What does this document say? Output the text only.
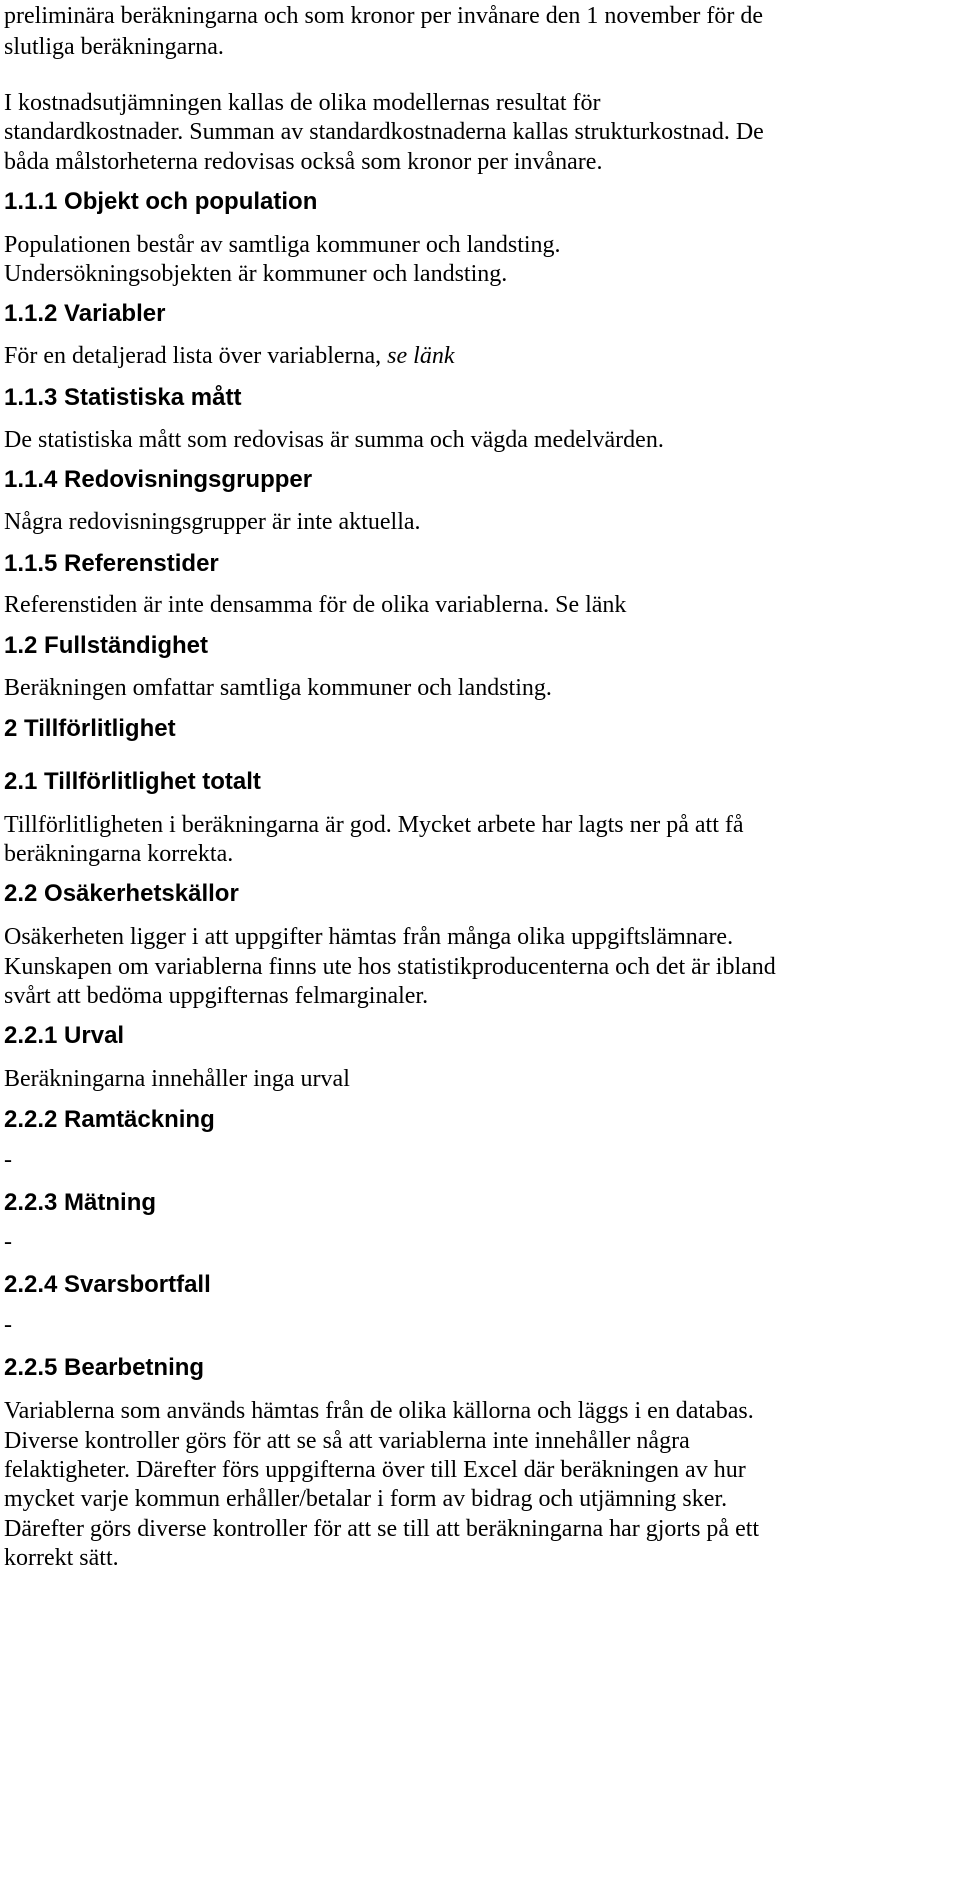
preliminära beräkningarna och som kronor per invånare den 1 november för de
slutliga beräkningarna.
I kostnadsutjämningen kallas de olika modellernas resultat för
standardkostnader. Summan av standardkostnaderna kallas strukturkostnad. De
båda målstorheterna redovisas också som kronor per invånare.
1.1.1 Objekt och population
Populationen består av samtliga kommuner och landsting.
Undersökningsobjekten är kommuner och landsting.
1.1.2 Variabler
För en detaljerad lista över variablerna, se länk
1.1.3 Statistiska mått
De statistiska mått som redovisas är summa och vägda medelvärden.
1.1.4 Redovisningsgrupper
Några redovisningsgrupper är inte aktuella.
1.1.5 Referenstider
Referenstiden är inte densamma för de olika variablerna. Se länk
1.2 Fullständighet
Beräkningen omfattar samtliga kommuner och landsting.
2 Tillförlitlighet
2.1 Tillförlitlighet totalt
Tillförlitligheten i beräkningarna är god. Mycket arbete har lagts ner på att få
beräkningarna korrekta.
2.2 Osäkerhetskällor
Osäkerheten ligger i att uppgifter hämtas från många olika uppgiftslämnare.
Kunskapen om variablerna finns ute hos statistikproducenterna och det är ibland
svårt att bedöma uppgifternas felmarginaler.
2.2.1 Urval
Beräkningarna innehåller inga urval
2.2.2 Ramtäckning
-
2.2.3 Mätning
-
2.2.4 Svarsbortfall
-
2.2.5 Bearbetning
Variablerna som används hämtas från de olika källorna och läggs i en databas.
Diverse kontroller görs för att se så att variablerna inte innehåller några
felaktigheter. Därefter förs uppgifterna över till Excel där beräkningen av hur
mycket varje kommun erhåller/betalar i form av bidrag och utjämning sker.
Därefter görs diverse kontroller för att se till att beräkningarna har gjorts på ett
korrekt sätt.
